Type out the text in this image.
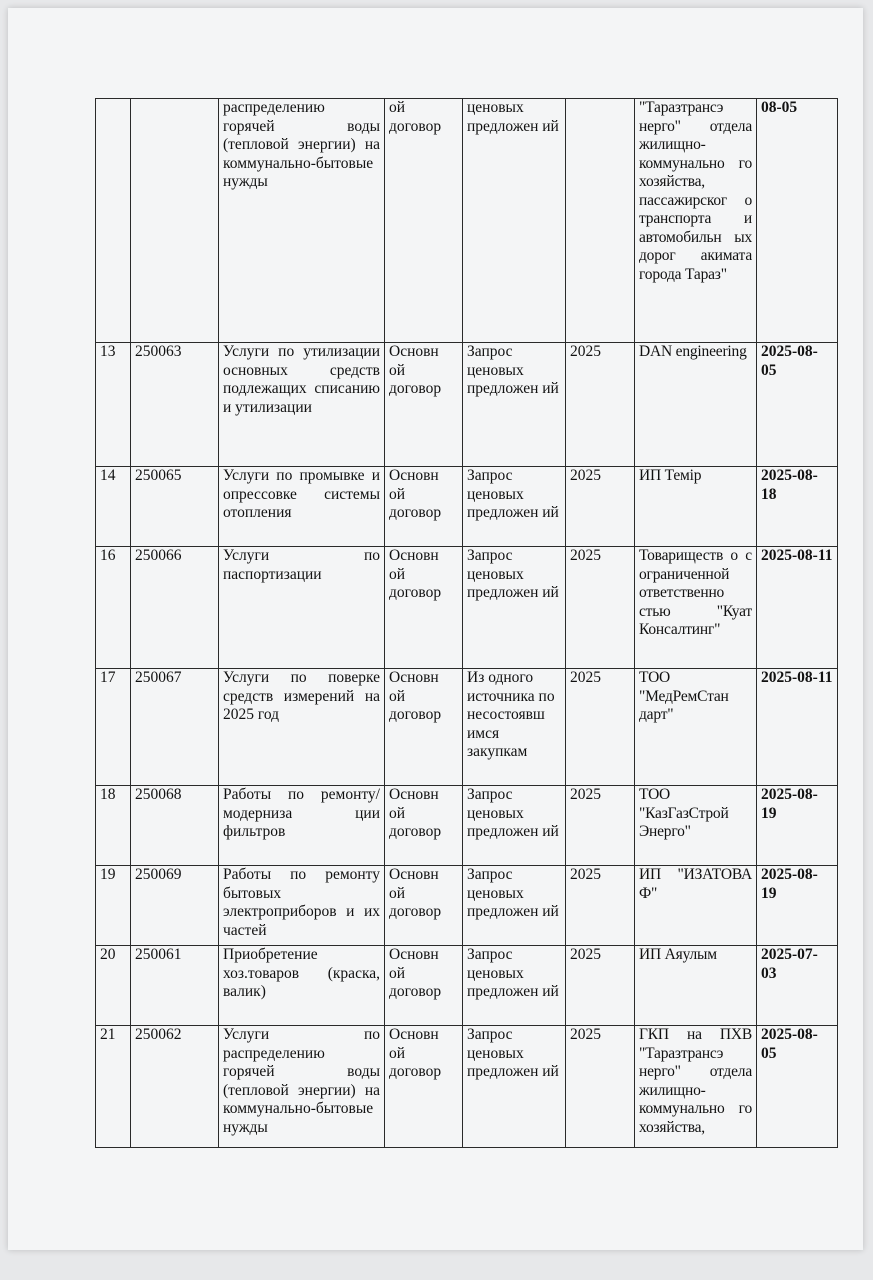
		распределению горячей воды (тепловой энергии) на коммунально-бытовые нужды	ой договор	ценовых предложен ий		"Таразтрансэ нерго" отдела жилищно-коммунально го хозяйства, пассажирског о транспорта и автомобильн ых дорог акимата города Тараз"	08-05

13	250063	Услуги по утилизации основных средств подлежащих списанию и утилизации	Основн ой договор	Запрос ценовых предложен ий	2025	DAN engineering	2025-08-05

14	250065	Услуги по промывке и опрессовке системы отопления	Основн ой договор	Запрос ценовых предложен ий	2025	ИП Темір	2025-08-18

16	250066	Услуги по паспортизации	Основн ой договор	Запрос ценовых предложен ий	2025	Товариществ о с ограниченной ответственно стью "Куат Консалтинг"	2025-08-11

17	250067	Услуги по поверке средств измерений на 2025 год	Основн ой договор	Из одного источника по несостоявш имся закупкам	2025	ТОО "МедРемСтан дарт"	2025-08-11

18	250068	Работы по ремонту/модерниза ции фильтров	Основн ой договор	Запрос ценовых предложен ий	2025	ТОО "КазГазСтрой Энерго"	2025-08-19

19	250069	Работы по ремонту бытовых электроприборов и их частей	Основн ой договор	Запрос ценовых предложен ий	2025	ИП "ИЗАТОВА Ф"	2025-08-19

20	250061	Приобретение хоз.товаров (краска, валик)	Основн ой договор	Запрос ценовых предложен ий	2025	ИП Аяулым	2025-07-03

21	250062	Услуги по распределению горячей воды (тепловой энергии) на коммунально-бытовые нужды	Основн ой договор	Запрос ценовых предложен ий	2025	ГКП на ПХВ "Таразтрансэ нерго" отдела жилищно-коммунально го хозяйства,	2025-08-05
